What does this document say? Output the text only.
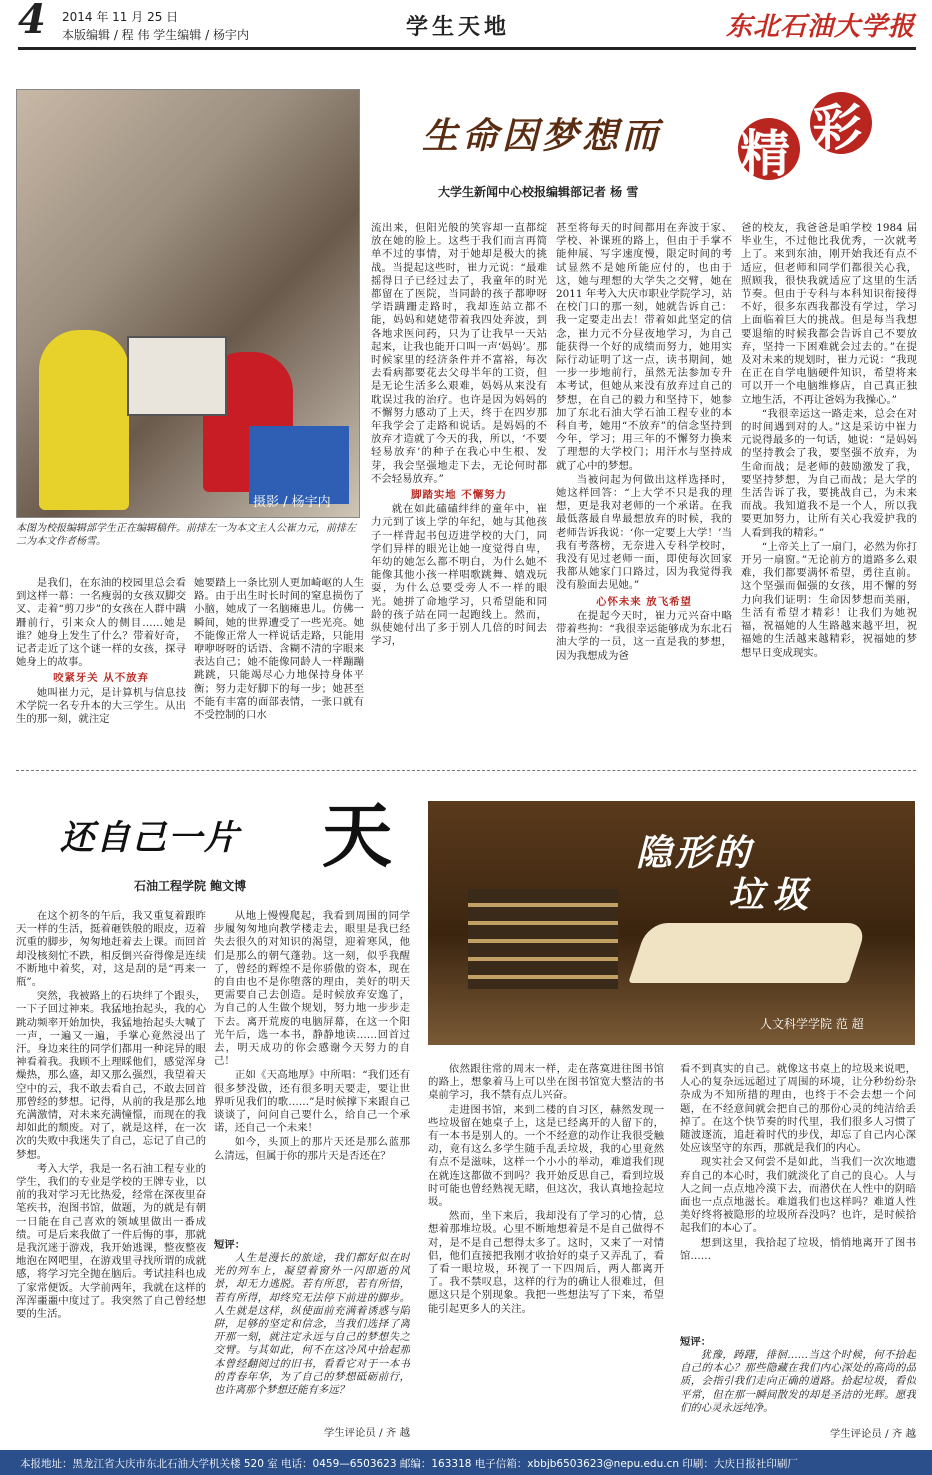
4 2014 年 11 月 25 日
本版编辑 / 程 伟 学生编辑 / 杨宇内	学生天地	东北石油大学报
摄影 / 杨宇内
本图为校报编辑部学生正在编辑稿件。前排左一为本文主人公崔力元，前排左二为本文作者杨雪。
生命因梦想而 精 彩
大学生新闻中心校报编辑部记者 杨 雪

流出来，但阳光般的笑容却一直都绽放在她的脸上。这些于我们而言再简单不过的事情，对于她却是极大的挑战。当提起这些时，崔力元说：“最难摇得日子已经过去了，我童年的时光都留在了医院，当同龄的孩子都咿呀学语蹒跚走路时，我却连站立都不能，妈妈和姥姥带着我四处奔波，到各地求医问药，只为了让我早一天站起来，让我也能开口叫一声‘妈妈’。那时候家里的经济条件并不富裕，每次去看病都要花去父母半年的工资，但是无论生活多么艰难，妈妈从来没有耽误过我的治疗。也许是因为妈妈的不懈努力感动了上天，终于在四岁那年我学会了走路和说话。是妈妈的不放弃才造就了今天的我，所以，‘不要轻易放弃’的种子在我心中生根、发芽，我会坚强地走下去，无论何时都不会轻易放弃。”

脚踏实地 不懈努力

就在如此磕磕绊绊的童年中，崔力元到了该上学的年纪，她与其他孩子一样背起书包迈进学校的大门，同学们异样的眼光让她一度觉得自卑，年幼的她怎么都不明白，为什么她不能像其他小孩一样唱歌跳舞、嬉戏玩耍，为什么总要受旁人不一样的眼光。她拼了命地学习，只希望能和同龄的孩子站在同一起跑线上。然而，纵使她付出了多于别人几倍的时间去学习，

甚至将每天的时间都用在奔波于家、学校、补课班的路上，但由于手掌不能伸展、写字速度慢，限定时间的考试显然不是她所能应付的，也由于这，她与理想的大学失之交臂，她在 2011 年考入大庆市职业学院学习，站在校门口的那一刻，她就告诉自己：我一定要走出去！带着如此坚定的信念，崔力元不分昼夜地学习，为自己能获得一个好的成绩而努力，她用实际行动证明了这一点，读书期间，她一步一步地前行，虽然无法参加专升本考试，但她从来没有放弃过自己的梦想，在自己的毅力和坚持下，她参加了东北石油大学石油工程专业的本科自考，她用“不放弃”的信念坚持到今年，学习；用三年的不懈努力换来了理想的大学校门；用汗水与坚持成就了心中的梦想。

当被问起为何做出这样选择时，她这样回答：“上大学不只是我的理想，更是我对老师的一个承诺。在我最低落最自卑最想放弃的时候，我的老师告诉我说：‘你一定要上大学！’当我有考落榜，无奈进入专科学校时，我没有见过老师一面，即使每次回家我都从她家门口路过，因为我觉得我没有脸面去见她。”

心怀未来 放飞希望

在提起今天时，崔力元兴奋中略带着些拘：“我很幸运能够成为东北石油大学的一员，这一直是我的梦想，因为我想成为爸

爸的校友，我爸爸是咱学校 1984 届毕业生，不过他比我优秀，一次就考上了。来到东油，刚开始我还有点不适应，但老师和同学们都很关心我，照顾我，很快我就适应了这里的生活节奏。但由于专科与本科知识衔接得不好，很多东西我都没有学过，学习上面临着巨大的挑战。但是每当我想要退缩的时候我都会告诉自己不要放弃，坚持一下困难就会过去的。”在提及对未来的规划时，崔力元说：“我现在正在自学电脑硬件知识，希望将来可以开一个电脑维修店，自己真正独立地生活，不再让爸妈为我操心。”

“我很幸运这一路走来，总会在对的时间遇到对的人。”这是采访中崔力元说得最多的一句话，她说：“是妈妈的坚持教会了我，要坚强不放弃，为生命而战；是老师的鼓励激发了我，要坚持梦想，为自己而战；是大学的生活告诉了我，要挑战自己，为未来而战。我知道我不是一个人，所以我要更加努力，让所有关心我爱护我的人看到我的精彩。”

“上帝关上了一扇门，必然为你打开另一扇窗。”无论前方的道路多么艰难，我们都要满怀希望，勇往直前。这个坚强而倔强的女孩，用不懈的努力向我们证明：生命因梦想而美丽，生活有希望才精彩！让我们为她祝福，祝福她的人生路越来越平坦，祝福她的生活越来越精彩，祝福她的梦想早日变成现实。

是我们，在东油的校园里总会看到这样一幕：一名瘦弱的女孩双脚交叉、走着“剪刀步”的女孩在人群中蹒跚前行，引来众人的侧目……她是谁？她身上发生了什么？带着好奇，记者走近了这个谜一样的女孩，探寻她身上的故事。

咬紧牙关 从不放弃

她叫崔力元，是计算机与信息技术学院一名专升本的大三学生。从出生的那一刻，就注定

她要踏上一条比别人更加崎岖的人生路。由于出生时长时间的窒息损伤了小脑，她成了一名脑瘫患儿。仿佛一瞬间，她的世界遭受了一些光亮。她不能像正常人一样说话走路，只能用咿咿呀呀的话语、含糊不清的字眼来表达自己；她不能像同龄人一样蹦蹦跳跳，只能竭尽心力地保持身体平衡；努力走好脚下的每一步；她甚至不能有丰富的面部表情，一张口就有不受控制的口水

还自己一片 天
石油工程学院 鲍文博

在这个初冬的午后，我又重复着跟昨天一样的生活，挺着砸铁般的眼皮，迈着沉重的脚步，匆匆地赶着去上课。而回首却没核刻忙不跌，相反倒兴奋得像是连续不断地中着奖，对，这是刮的是“再来一瓶”。

突然，我被路上的石块绊了个跟头，一下子回过神来。我猛地抬起头，我的心跳动频率开始加快，我猛地抬起头大喊了一声，一遍又一遍，手掌心竟然浸出了汗。身边来往的同学们都用一种诧异的眼神看着我。我顾不上理睬他们，感觉浑身燥热，那么盛，却又那么强烈，我望着天空中的云，我不敢去看自己，不敢去回首那曾经的梦想。记得，从前的我是那么地充满激情，对未来充满憧憬，而现在的我却如此的颓废。对了，就是这样，在一次次的失败中我迷失了自己，忘记了自己的梦想。

考入大学，我是一名石油工程专业的学生，我们的专业是学校的王牌专业，以前的我对学习无比热爱，经常在深夜里奋笔疾书，泡图书馆，做题，为的就是有朝一日能在自己喜欢的领域里做出一番成绩。可是后来我做了一件后悔的事，那就是我沉迷于游戏，我开始逃课，整夜整夜地泡在网吧里，在游戏里寻找所谓的成就感，将学习完全抛在脑后。考试挂科也成了家常便饭。大学前两年，我就在这样的浑浑噩噩中度过了。我突然了自己曾经想要的生活。

从地上慢慢爬起，我看到周围的同学步履匆匆地向教学楼走去，眼里是我已经失去很久的对知识的渴望，迎着寒风，他们是那么的朝气蓬勃。这一刻，似乎我醒了，曾经的辉煌不是你骄傲的资本，现在的自由也不是你堕落的理由，美好的明天更需要自己去创造。是时候放弃安逸了，为自己的人生做个规划，努力地一步步走下去。离开荒废的电脑屏幕，在这一个阳光午后，选一本书，静静地读……回首过去，明天成功的你会感谢今天努力的自己！

正如《天高地厚》中所唱：“我们还有很多梦没做，还有很多明天要走，要让世界听见我们的歌……”是时候撑下来跟自己谈谈了，问问自己要什么，给自己一个承诺，还自己一个未来！

如今，头顶上的那片天还是那么蓝那么清远，但属于你的那片天是否还在？

短评：
人生是漫长的旅途，我们都好似在时光的列车上，凝望着窗外一闪即逝的风景，却无力逃脱。若有所思，若有所悟，若有所得，却终究无法停下前进的脚步。人生就是这样，纵使面前充满着诱惑与陷阱，足够的坚定和信念，当我们选择了离开那一刻，就注定永远与自己的梦想失之交臂。与其如此，何不在这冷风中拾起那本曾经翻阅过的旧书，看看它对于一本书的青春年华，为了自己的梦想砥砺前行，也许离那个梦想还能有多远？
学生评论员 / 齐 越
隐形的
垃圾
人文科学学院 范 超

依然跟往常的周末一样，走在落寞进往图书馆的路上，想象着马上可以坐在图书馆宽大整洁的书桌前学习，我不禁有点儿兴奋。

走进图书馆，来到二楼的自习区，赫然发现一些垃圾留在她桌子上，这是已经离开的人留下的，有一本书是别人的。一个不经意的动作让我很受触动，竟有这么多学生随手乱丢垃圾，我的心里竟然有点不是滋味，这样一个小小的举动，难道我们现在就连这都做不到吗？我开始反思自己，看到垃圾时可能也曾经熟视无睹，但这次，我认真地捡起垃圾。

然而，坐下来后，我却没有了学习的心情，总想着那堆垃圾。心里不断地想着是不是自己做得不对，是不是自己想得太多了。这时，又来了一对情侣，他们直接把我刚才收拾好的桌子又弄乱了，看了看一眼垃圾，环视了一下四周后，两人都离开了。我不禁叹息，这样的行为的确让人很难过，但愿这只是个别现象。我把一些想法写了下来，希望能引起更多人的关注。

看不到真实的自己。就像这书桌上的垃圾来说吧，人心的复杂远远超过了周围的环境，让分秒纷纷杂杂成为不知所措的理由，也终于不会去想一个问题，在不经意间就会把自己的那份心灵的纯洁给丢掉了。在这个快节奏的时代里，我们很多人习惯了随波逐流，追赶着时代的步伐，却忘了自己内心深处应该坚守的东西，那就是我们的内心。

现实社会又何尝不是如此，当我们一次次地遗弃自己的本心时，我们就淡化了自己的良心。人与人之间一点点地冷漠下去，而潜伏在人性中的阴暗面也一点点地滋长。难道我们也这样吗？难道人性美好终将被隐形的垃圾所吞没吗？也许，是时候拾起我们的本心了。

想到这里，我拾起了垃圾，悄悄地离开了图书馆……

短评：
犹豫，踌躇，徘徊……当这个时候，何不拾起自己的本心？那些隐藏在我们内心深处的高尚的品质，会指引我们走向正确的道路。拾起垃圾，看似平常，但在那一瞬间散发的却是圣洁的光辉。愿我们的心灵永远纯净。
学生评论员 / 齐 越
本报地址：黑龙江省大庆市东北石油大学机关楼 520 室 电话：0459—6503623 邮编：163318 电子信箱：xbbjb6503623@nepu.edu.cn 印刷：大庆日报社印刷厂
